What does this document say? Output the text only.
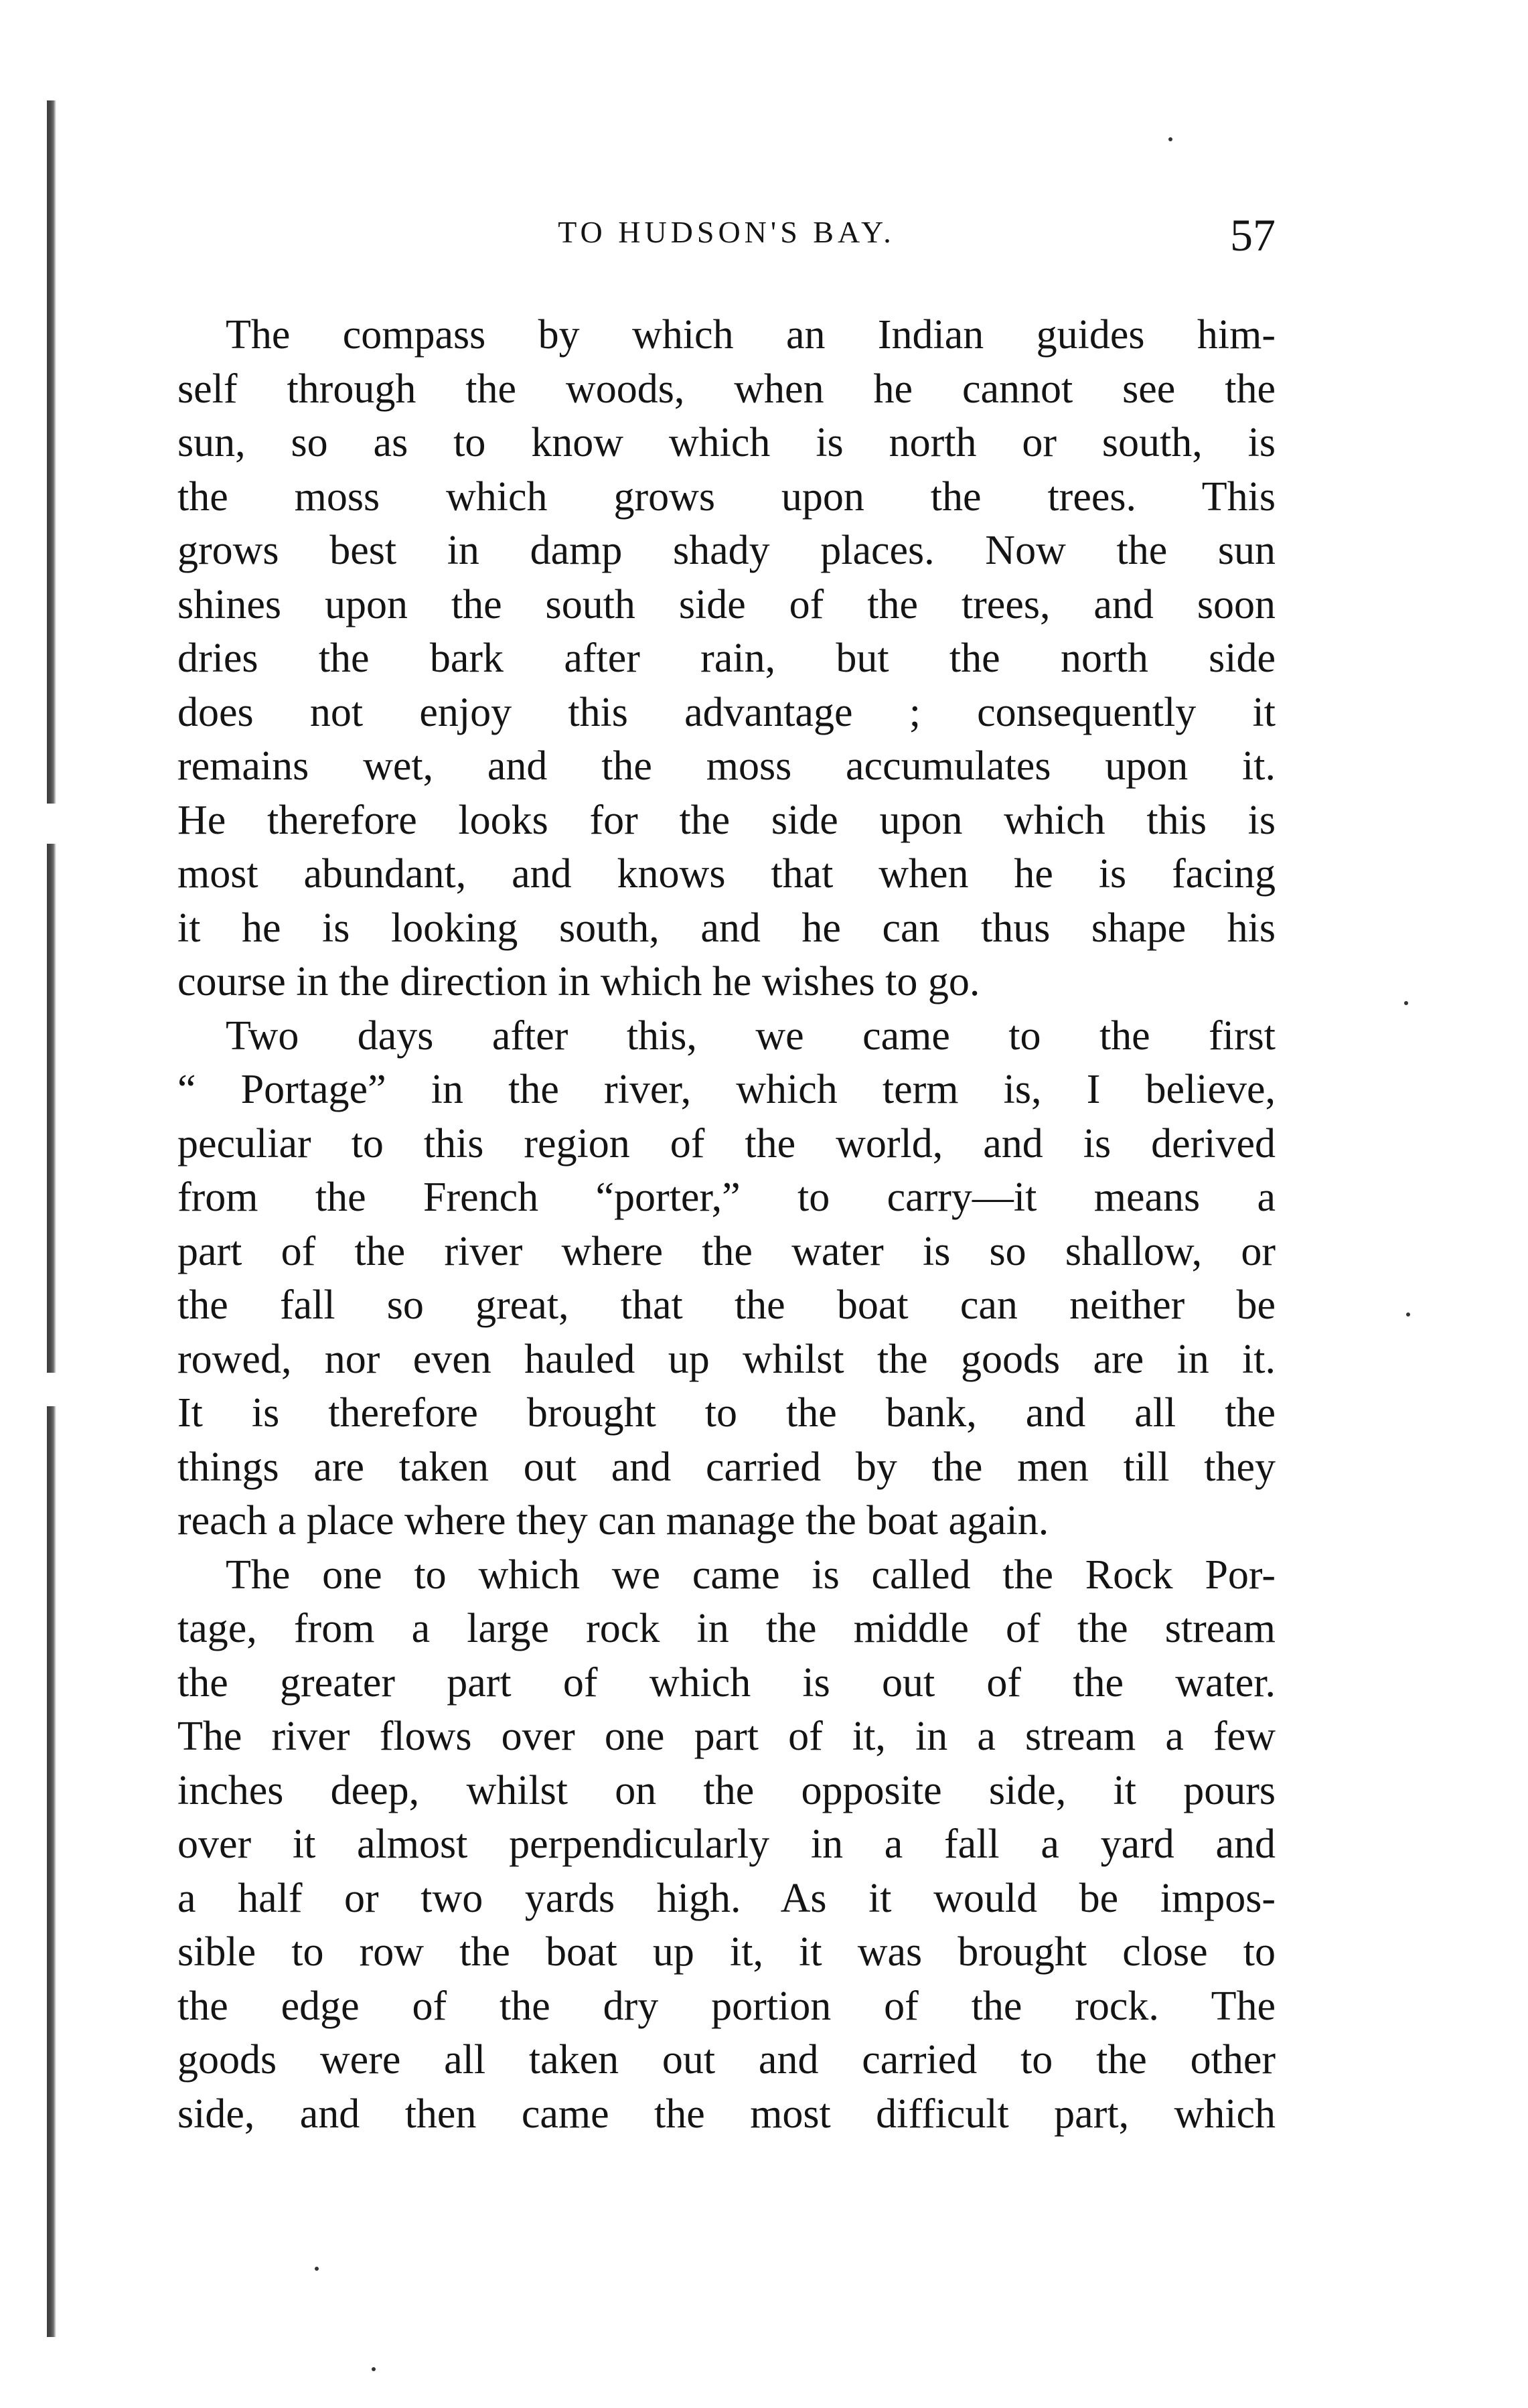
TO HUDSON'S BAY.	57
The compass by which an Indian guides him-
self through the woods, when he cannot see the
sun, so as to know which is north or south, is
the moss which grows upon the trees. This
grows best in damp shady places. Now the sun
shines upon the south side of the trees, and soon
dries the bark after rain, but the north side
does not enjoy this advantage ; consequently it
remains wet, and the moss accumulates upon it.
He therefore looks for the side upon which this is
most abundant, and knows that when he is facing
it he is looking south, and he can thus shape his
course in the direction in which he wishes to go.
Two days after this, we came to the first
“ Portage” in the river, which term is, I believe,
peculiar to this region of the world, and is derived
from the French “porter,” to carry—it means a
part of the river where the water is so shallow, or
the fall so great, that the boat can neither be
rowed, nor even hauled up whilst the goods are in it.
It is therefore brought to the bank, and all the
things are taken out and carried by the men till they
reach a place where they can manage the boat again.
The one to which we came is called the Rock Por-
tage, from a large rock in the middle of the stream
the greater part of which is out of the water.
The river flows over one part of it, in a stream a few
inches deep, whilst on the opposite side, it pours
over it almost perpendicularly in a fall a yard and
a half or two yards high. As it would be impos-
sible to row the boat up it, it was brought close to
the edge of the dry portion of the rock. The
goods were all taken out and carried to the other
side, and then came the most difficult part, which
